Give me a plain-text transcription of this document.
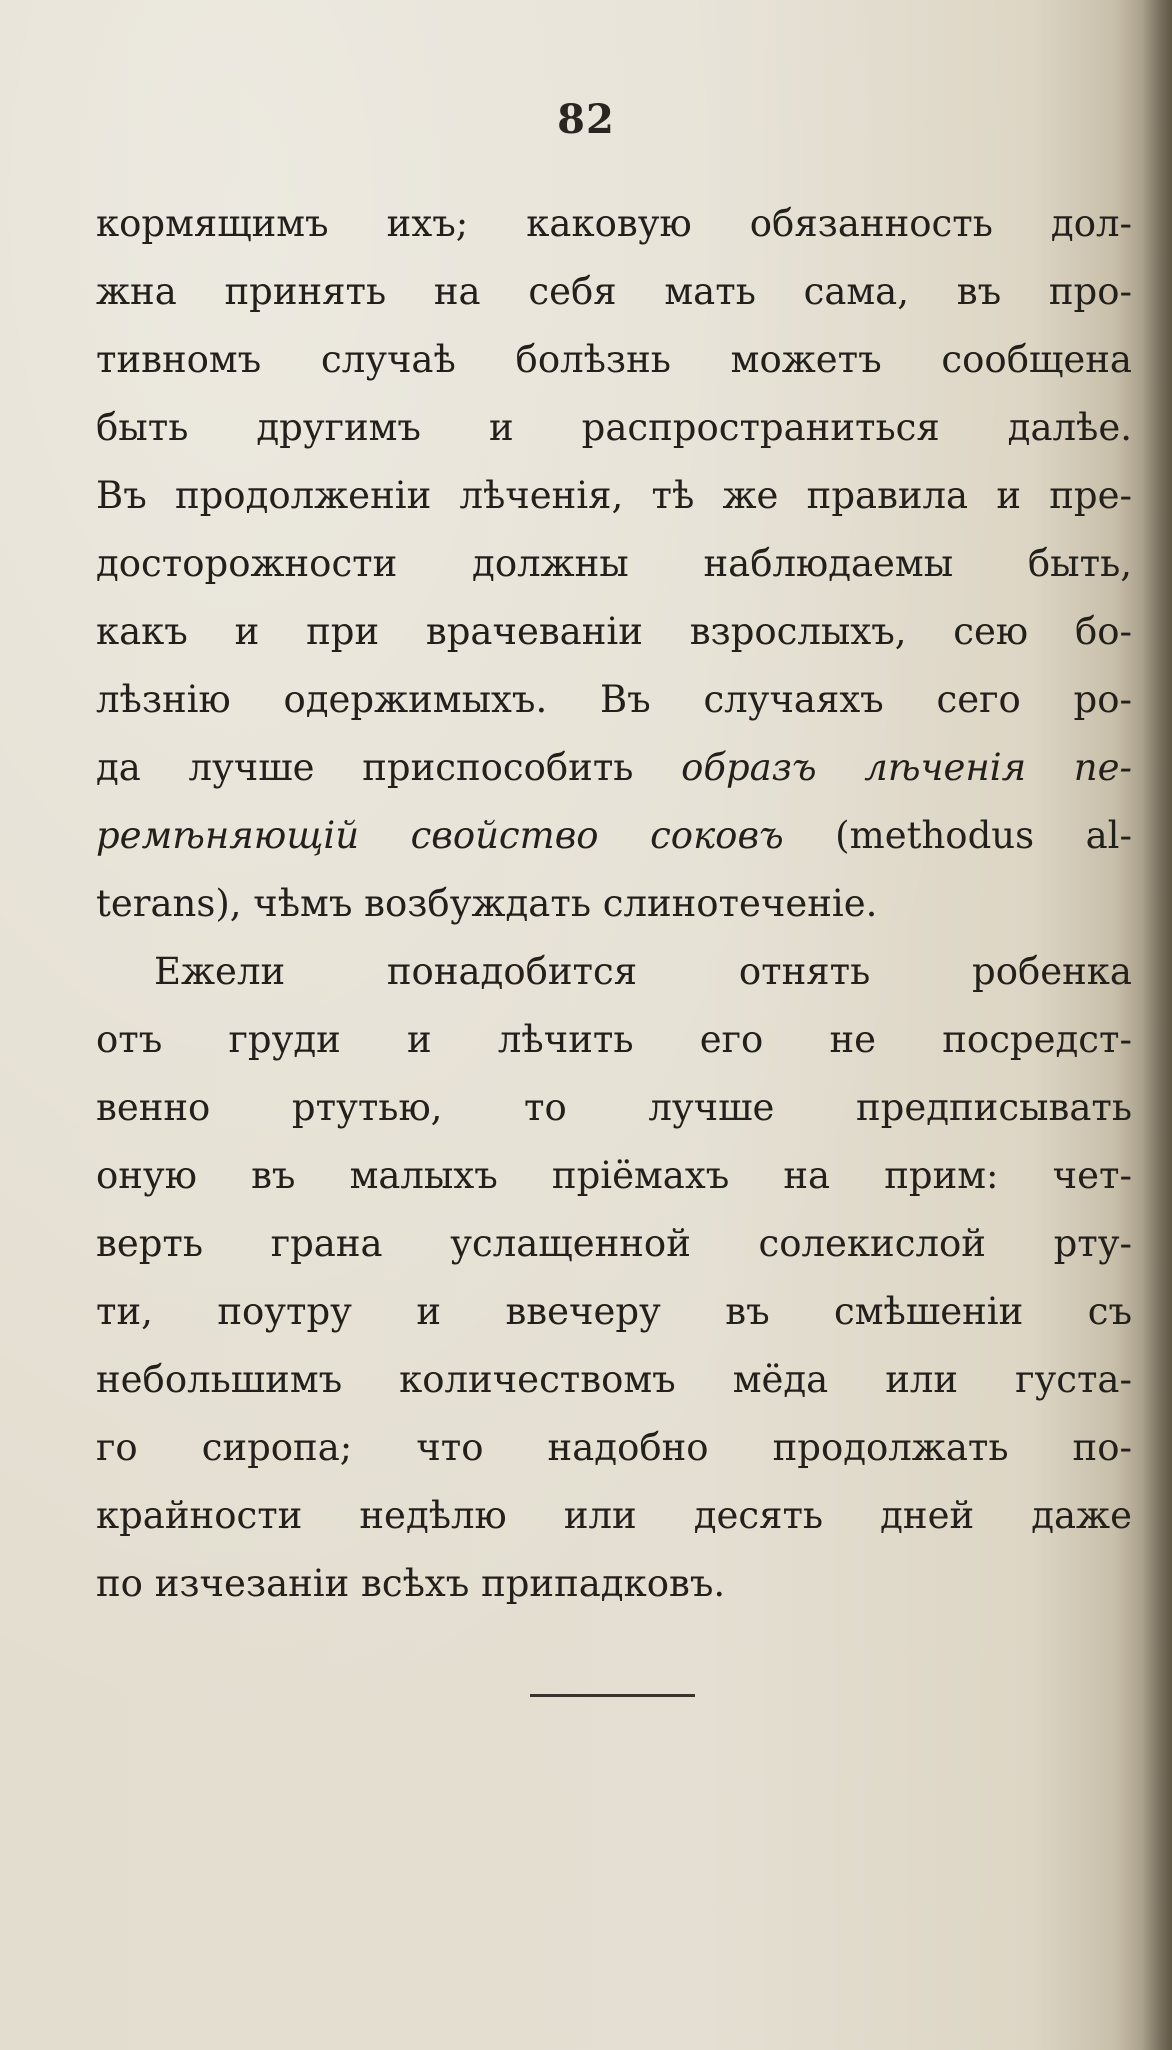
82
кормящимъ ихъ; каковую обязанность дол-
жна принять на себя мать сама, въ про-
тивномъ случаѣ болѣзнь можетъ сообщена
быть другимъ и распространиться далѣе.
Въ продолженіи лѣченія, тѣ же правила и пре-
досторожности должны наблюдаемы быть,
какъ и при врачеваніи взрослыхъ, сею бо-
лѣзнію одержимыхъ. Въ случаяхъ сего ро-
да лучше приспособить образъ лѣченія пе-
ремѣняющій свойство соковъ (methodus al-
terans), чѣмъ возбуждать слинотеченіе.
Ежели понадобится отнять робенка
отъ груди и лѣчить его не посредст-
венно ртутью, то лучше предписывать
оную въ малыхъ пріёмахъ на прим: чет-
верть грана услащенной солекислой рту-
ти, поутру и ввечеру въ смѣшеніи съ
небольшимъ количествомъ мёда или густа-
го сиропа; что надобно продолжать по-
крайности недѣлю или десять дней даже
по изчезаніи всѣхъ припадковъ.
